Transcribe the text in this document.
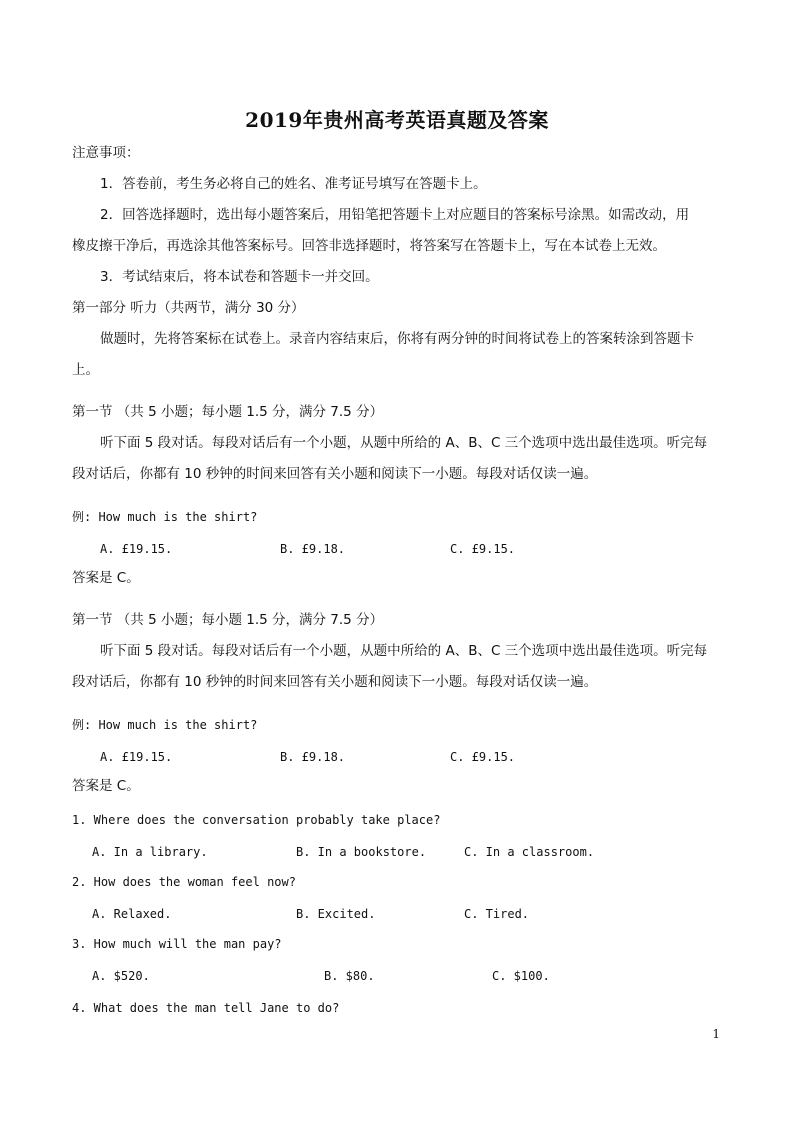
2019年贵州高考英语真题及答案
注意事项：
1．答卷前，考生务必将自己的姓名、准考证号填写在答题卡上。
2．回答选择题时，选出每小题答案后，用铅笔把答题卡上对应题目的答案标号涂黑。如需改动，用
橡皮擦干净后，再选涂其他答案标号。回答非选择题时，将答案写在答题卡上，写在本试卷上无效。
3．考试结束后，将本试卷和答题卡一并交回。
第一部分 听力（共两节，满分 30 分）
做题时，先将答案标在试卷上。录音内容结束后，你将有两分钟的时间将试卷上的答案转涂到答题卡
上。
第一节 （共 5 小题；每小题 1.5 分，满分 7.5 分）
听下面 5 段对话。每段对话后有一个小题，从题中所给的 A、B、C 三个选项中选出最佳选项。听完每
段对话后，你都有 10 秒钟的时间来回答有关小题和阅读下一小题。每段对话仅读一遍。
例: How much is the shirt?
A. £19.15.	B. £9.18.	C. £9.15.
答案是 C。
第一节 （共 5 小题；每小题 1.5 分，满分 7.5 分）
听下面 5 段对话。每段对话后有一个小题，从题中所给的 A、B、C 三个选项中选出最佳选项。听完每
段对话后，你都有 10 秒钟的时间来回答有关小题和阅读下一小题。每段对话仅读一遍。
例: How much is the shirt?
A. £19.15.	B. £9.18.	C. £9.15.
答案是 C。
1. Where does the conversation probably take place?
A. In a library.	B. In a bookstore.	C. In a classroom.
2. How does the woman feel now?
A. Relaxed.	B. Excited.	C. Tired.
3. How much will the man pay?
A. $520.	B. $80.	C. $100.
4. What does the man tell Jane to do?
1
